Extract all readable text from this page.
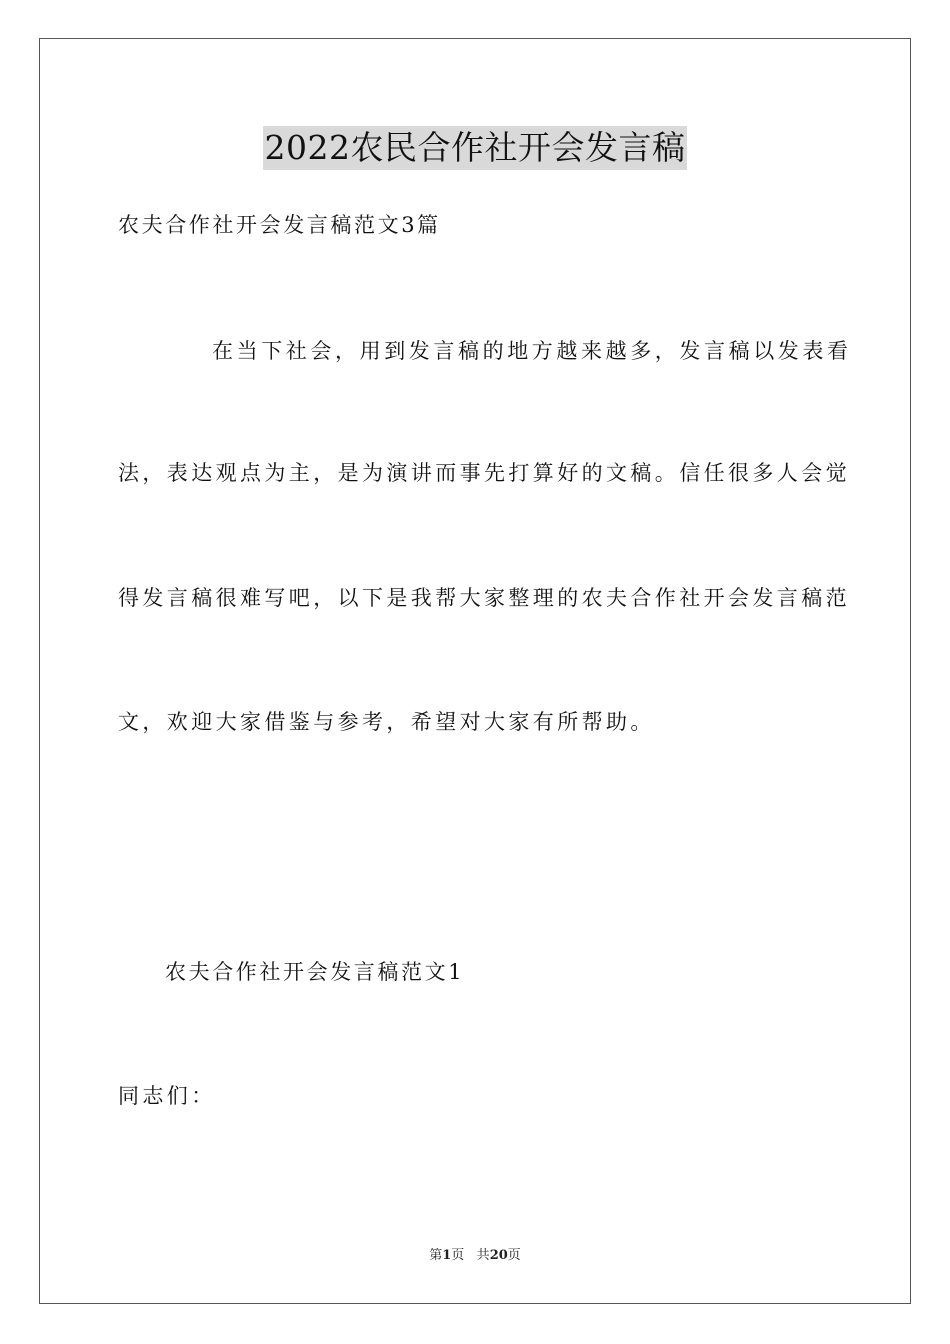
2022农民合作社开会发言稿
农夫合作社开会发言稿范文3篇
在当下社会，用到发言稿的地方越来越多，发言稿以发表看
法，表达观点为主，是为演讲而事先打算好的文稿。信任很多人会觉
得发言稿很难写吧，以下是我帮大家整理的农夫合作社开会发言稿范
文，欢迎大家借鉴与参考，希望对大家有所帮助。
农夫合作社开会发言稿范文1
同志们：
第1页 共20页
